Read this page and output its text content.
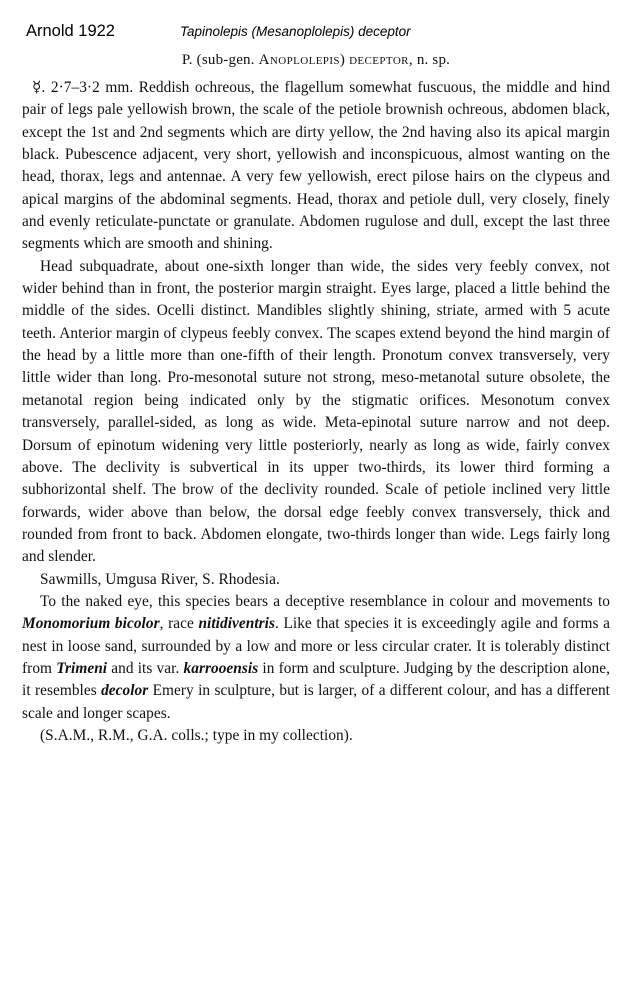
Arnold 1922	Tapinolepis (Mesanoplolepis) deceptor
P. (sub-gen. Anoplolepis) deceptor, n. sp.

☿. 2·7–3·2 mm. Reddish ochreous, the flagellum somewhat fuscuous, the middle and hind pair of legs pale yellowish brown, the scale of the petiole brownish ochreous, abdomen black, except the 1st and 2nd segments which are dirty yellow, the 2nd having also its apical margin black. Pubescence adjacent, very short, yellowish and inconspicuous, almost wanting on the head, thorax, legs and antennae. A very few yellowish, erect pilose hairs on the clypeus and apical margins of the abdominal segments. Head, thorax and petiole dull, very closely, finely and evenly reticulate-punctate or granulate. Abdomen rugulose and dull, except the last three segments which are smooth and shining.

Head subquadrate, about one-sixth longer than wide, the sides very feebly convex, not wider behind than in front, the posterior margin straight. Eyes large, placed a little behind the middle of the sides. Ocelli distinct. Mandibles slightly shining, striate, armed with 5 acute teeth. Anterior margin of clypeus feebly convex. The scapes extend beyond the hind margin of the head by a little more than one-fifth of their length. Pronotum convex transversely, very little wider than long. Pro-mesonotal suture not strong, meso-metanotal suture obsolete, the metanotal region being indicated only by the stigmatic orifices. Mesonotum convex transversely, parallel-sided, as long as wide. Meta-epinotal suture narrow and not deep. Dorsum of epinotum widening very little posteriorly, nearly as long as wide, fairly convex above. The declivity is subvertical in its upper two-thirds, its lower third forming a subhorizontal shelf. The brow of the declivity rounded. Scale of petiole inclined very little forwards, wider above than below, the dorsal edge feebly convex transversely, thick and rounded from front to back. Abdomen elongate, two-thirds longer than wide. Legs fairly long and slender.

Sawmills, Umgusa River, S. Rhodesia.

To the naked eye, this species bears a deceptive resemblance in colour and movements to Monomorium bicolor, race nitidiventris. Like that species it is exceedingly agile and forms a nest in loose sand, surrounded by a low and more or less circular crater. It is tolerably distinct from Trimeni and its var. karrooensis in form and sculpture. Judging by the description alone, it resembles decolor Emery in sculpture, but is larger, of a different colour, and has a different scale and longer scapes.

(S.A.M., R.M., G.A. colls.; type in my collection).
